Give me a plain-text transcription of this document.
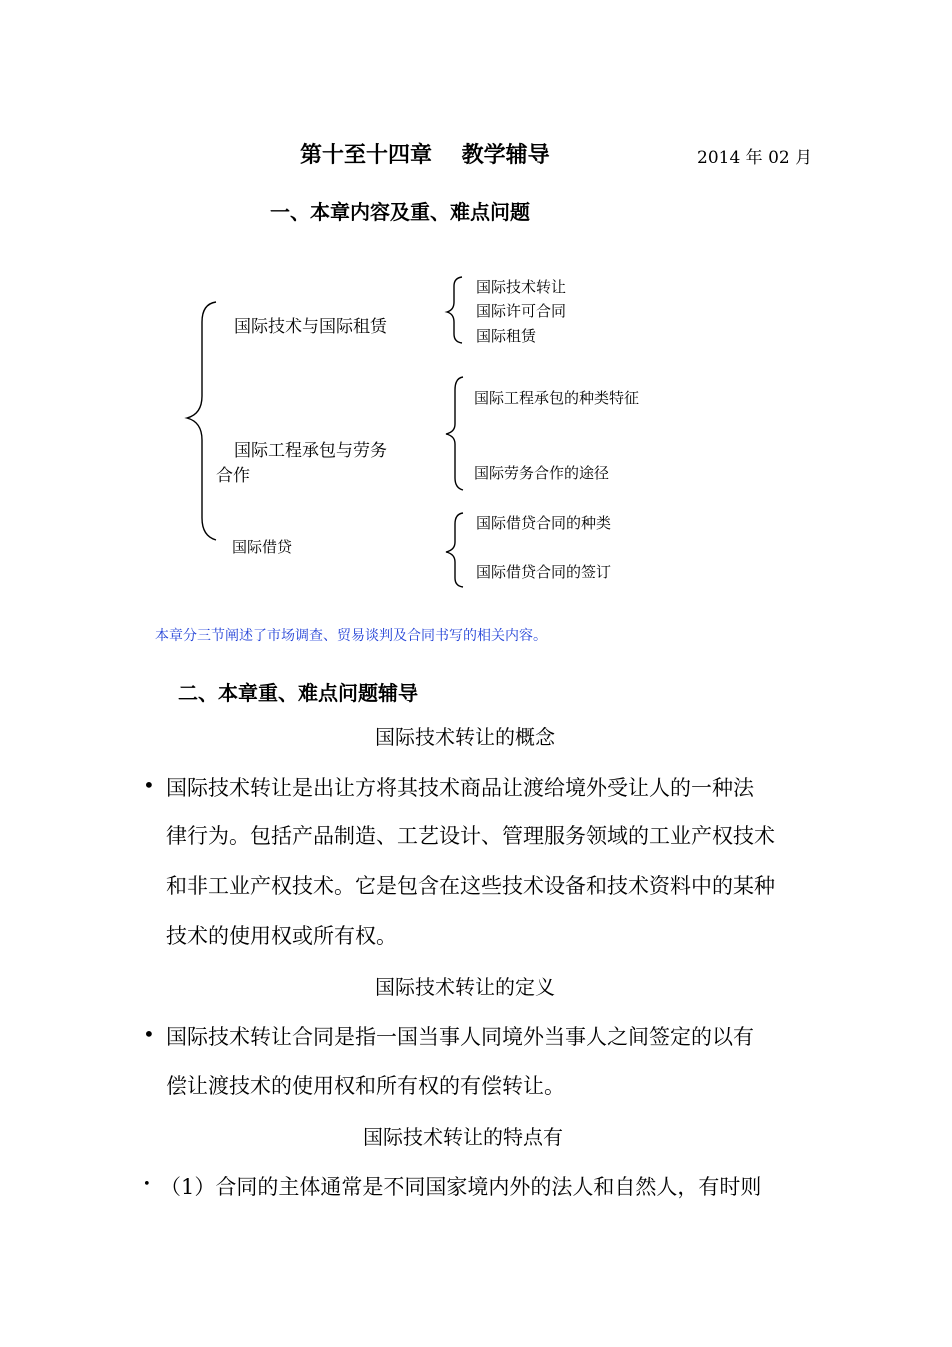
第十至十四章　 教学辅导	2014 年 02 月
一、本章内容及重、难点问题
国际技术与国际租赁
国际工程承包与劳务
合作
国际借贷
国际技术转让
国际许可合同
国际租赁
国际工程承包的种类特征
国际劳务合作的途径
国际借贷合同的种类
国际借贷合同的签订
本章分三节阐述了市场调查、贸易谈判及合同书写的相关内容。
二、本章重、难点问题辅导
国际技术转让的概念
• 国际技术转让是出让方将其技术商品让渡给境外受让人的一种法
律行为。包括产品制造、工艺设计、管理服务领域的工业产权技术
和非工业产权技术。它是包含在这些技术设备和技术资料中的某种
技术的使用权或所有权。
国际技术转让的定义
• 国际技术转让合同是指一国当事人同境外当事人之间签定的以有
偿让渡技术的使用权和所有权的有偿转让。
国际技术转让的特点有
• （1）合同的主体通常是不同国家境内外的法人和自然人，有时则
